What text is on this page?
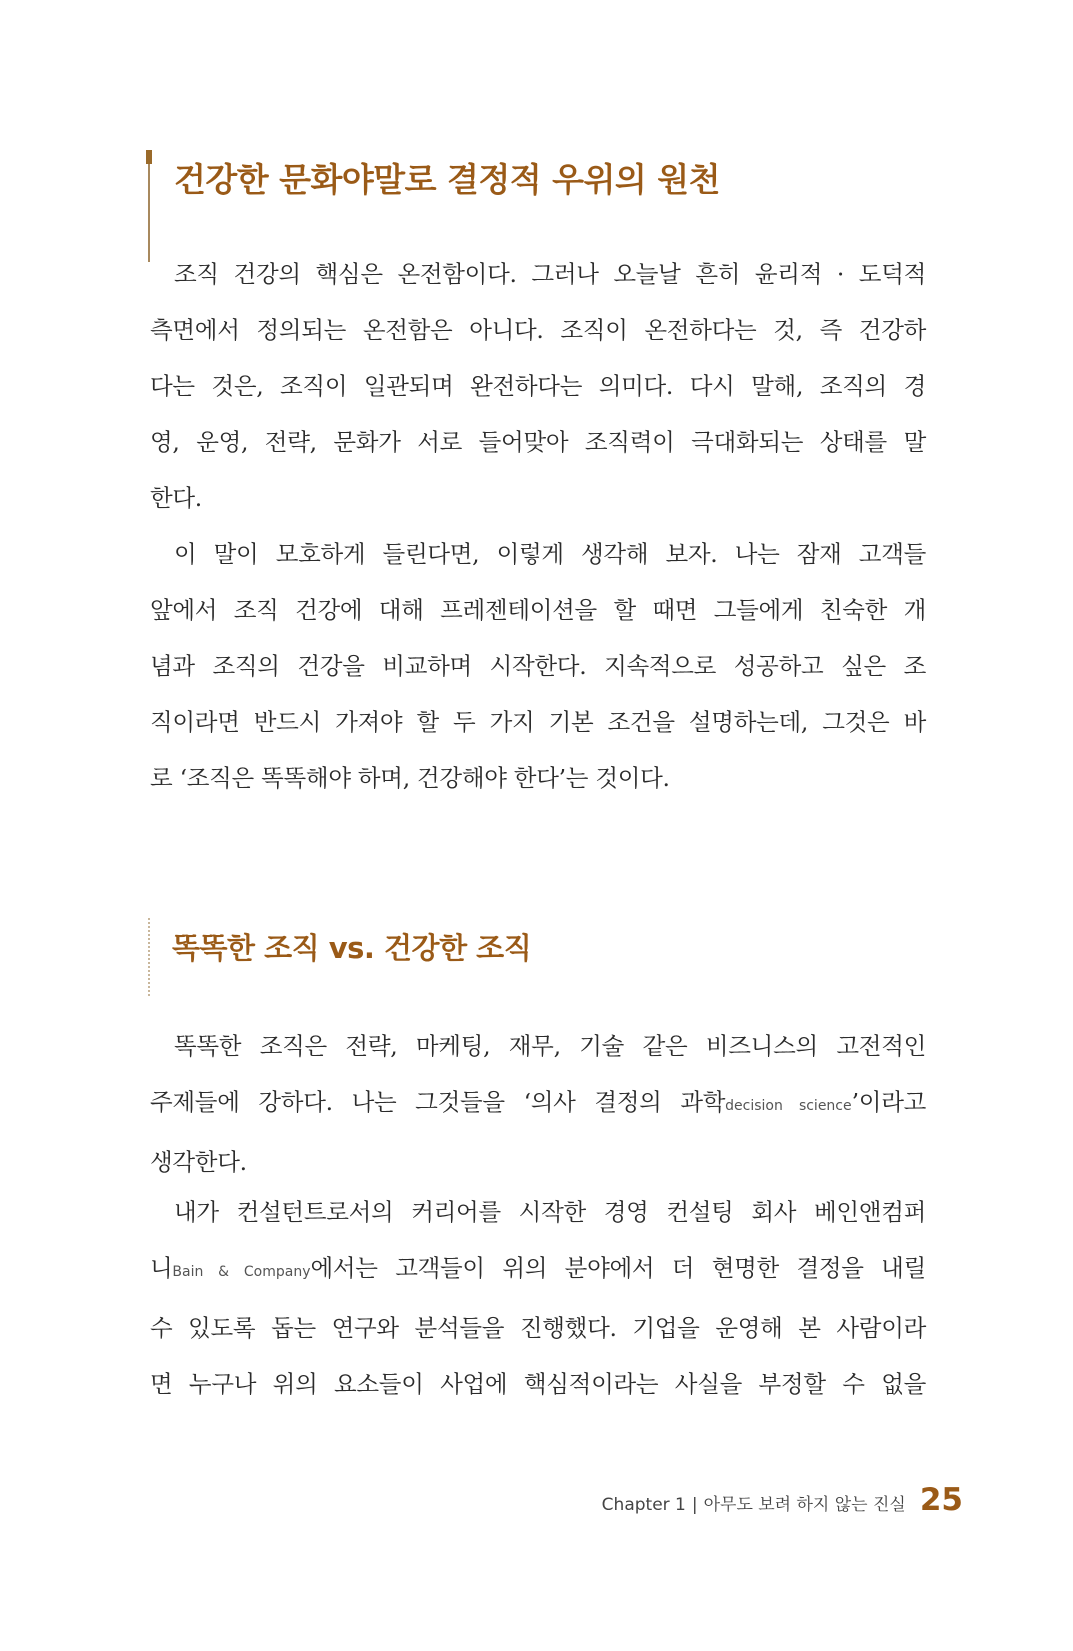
건강한 문화야말로 결정적 우위의 원천
조직 건강의 핵심은 온전함이다. 그러나 오늘날 흔히 윤리적 · 도덕적
측면에서 정의되는 온전함은 아니다. 조직이 온전하다는 것, 즉 건강하
다는 것은, 조직이 일관되며 완전하다는 의미다. 다시 말해, 조직의 경
영, 운영, 전략, 문화가 서로 들어맞아 조직력이 극대화되는 상태를 말
한다.
이 말이 모호하게 들린다면, 이렇게 생각해 보자. 나는 잠재 고객들
앞에서 조직 건강에 대해 프레젠테이션을 할 때면 그들에게 친숙한 개
념과 조직의 건강을 비교하며 시작한다. 지속적으로 성공하고 싶은 조
직이라면 반드시 가져야 할 두 가지 기본 조건을 설명하는데, 그것은 바
로 ‘조직은 똑똑해야 하며, 건강해야 한다’는 것이다.
똑똑한 조직 vs. 건강한 조직
똑똑한 조직은 전략, 마케팅, 재무, 기술 같은 비즈니스의 고전적인
주제들에 강하다. 나는 그것들을 ‘의사 결정의 과학decision science’이라고
생각한다.
내가 컨설턴트로서의 커리어를 시작한 경영 컨설팅 회사 베인앤컴퍼
니Bain & Company에서는 고객들이 위의 분야에서 더 현명한 결정을 내릴
수 있도록 돕는 연구와 분석들을 진행했다. 기업을 운영해 본 사람이라
면 누구나 위의 요소들이 사업에 핵심적이라는 사실을 부정할 수 없을
Chapter 1 | 아무도 보려 하지 않는 진실 25
